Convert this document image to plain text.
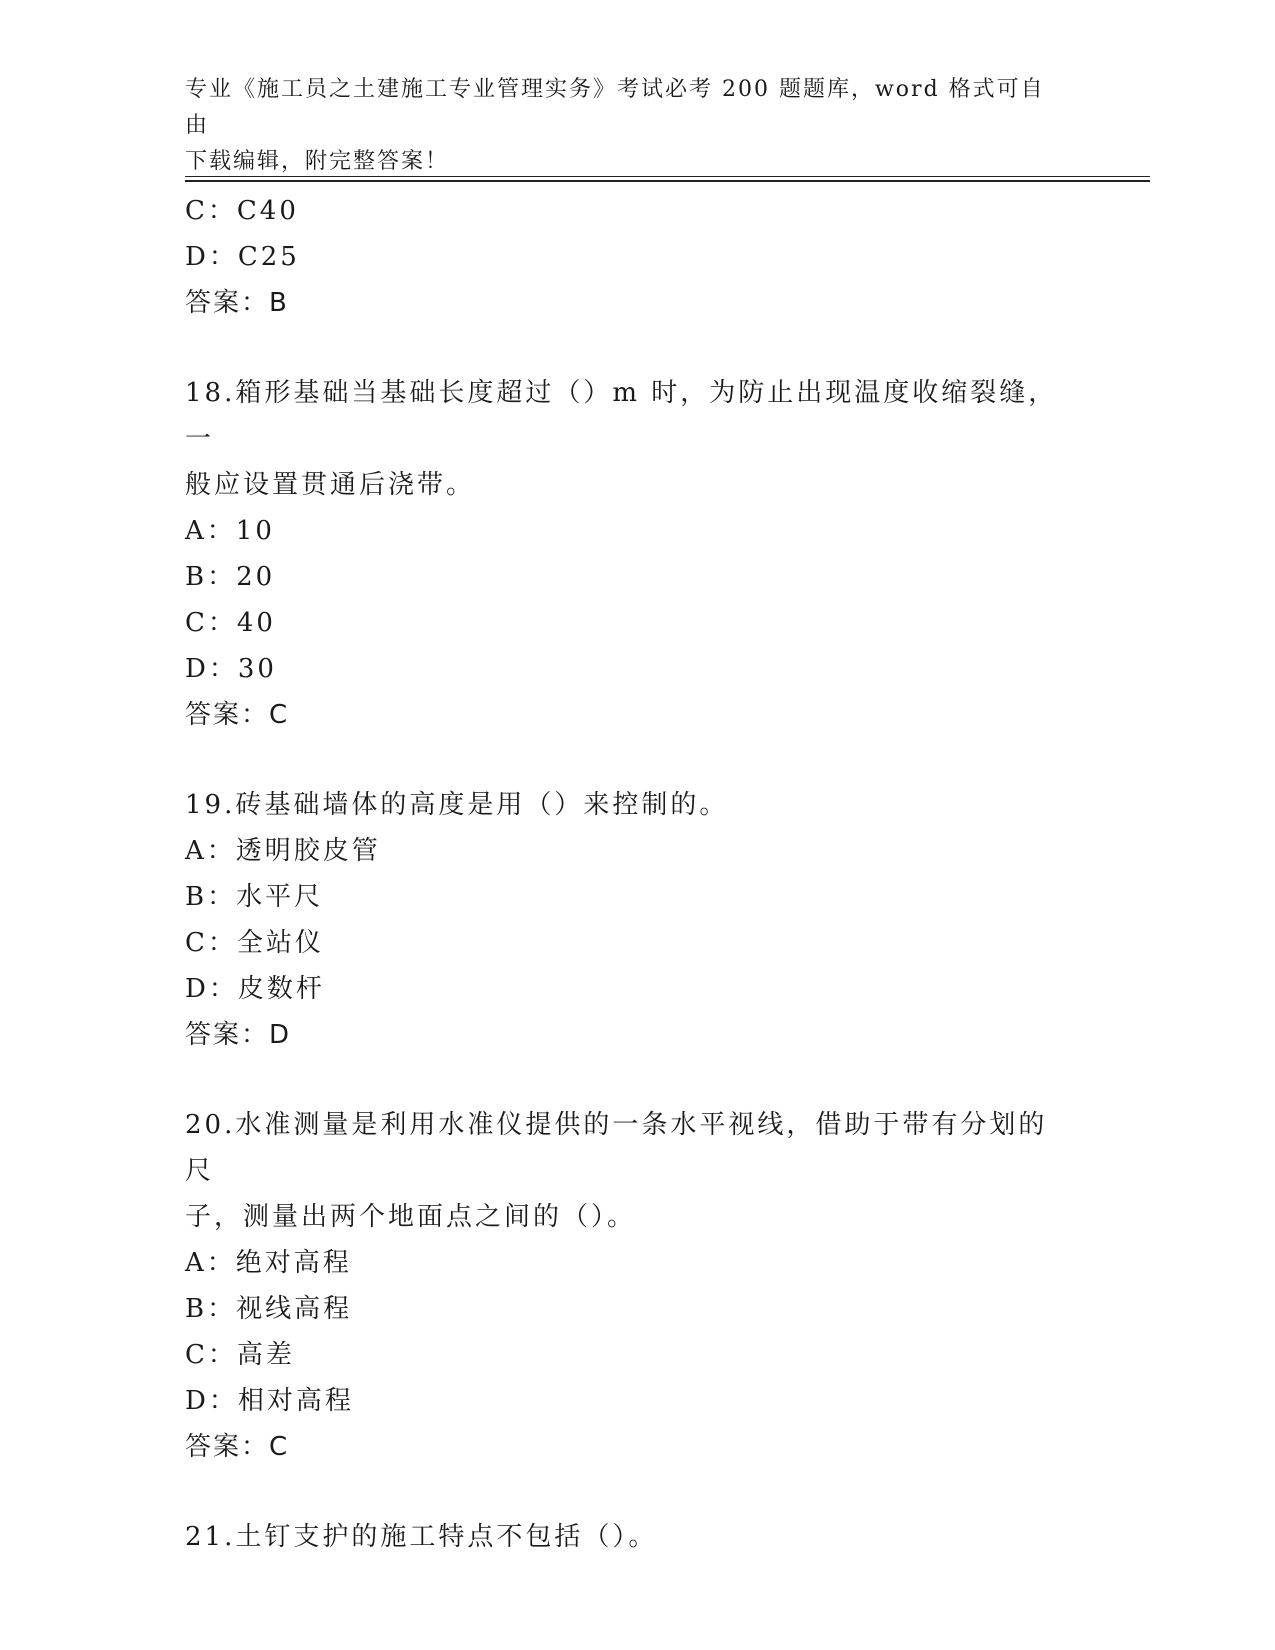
专业《施工员之土建施工专业管理实务》考试必考 200 题题库，word 格式可自由
下载编辑，附完整答案！
C：C40
D：C25
答案：B
18.箱形基础当基础长度超过（）m 时，为防止出现温度收缩裂缝，一
般应设置贯通后浇带。
A：10
B：20
C：40
D：30
答案：C
19.砖基础墙体的高度是用（）来控制的。
A：透明胶皮管
B：水平尺
C：全站仪
D：皮数杆
答案：D
20.水准测量是利用水准仪提供的一条水平视线，借助于带有分划的尺
子，测量出两个地面点之间的（）。
A：绝对高程
B：视线高程
C：高差
D：相对高程
答案：C
21.土钉支护的施工特点不包括（）。
